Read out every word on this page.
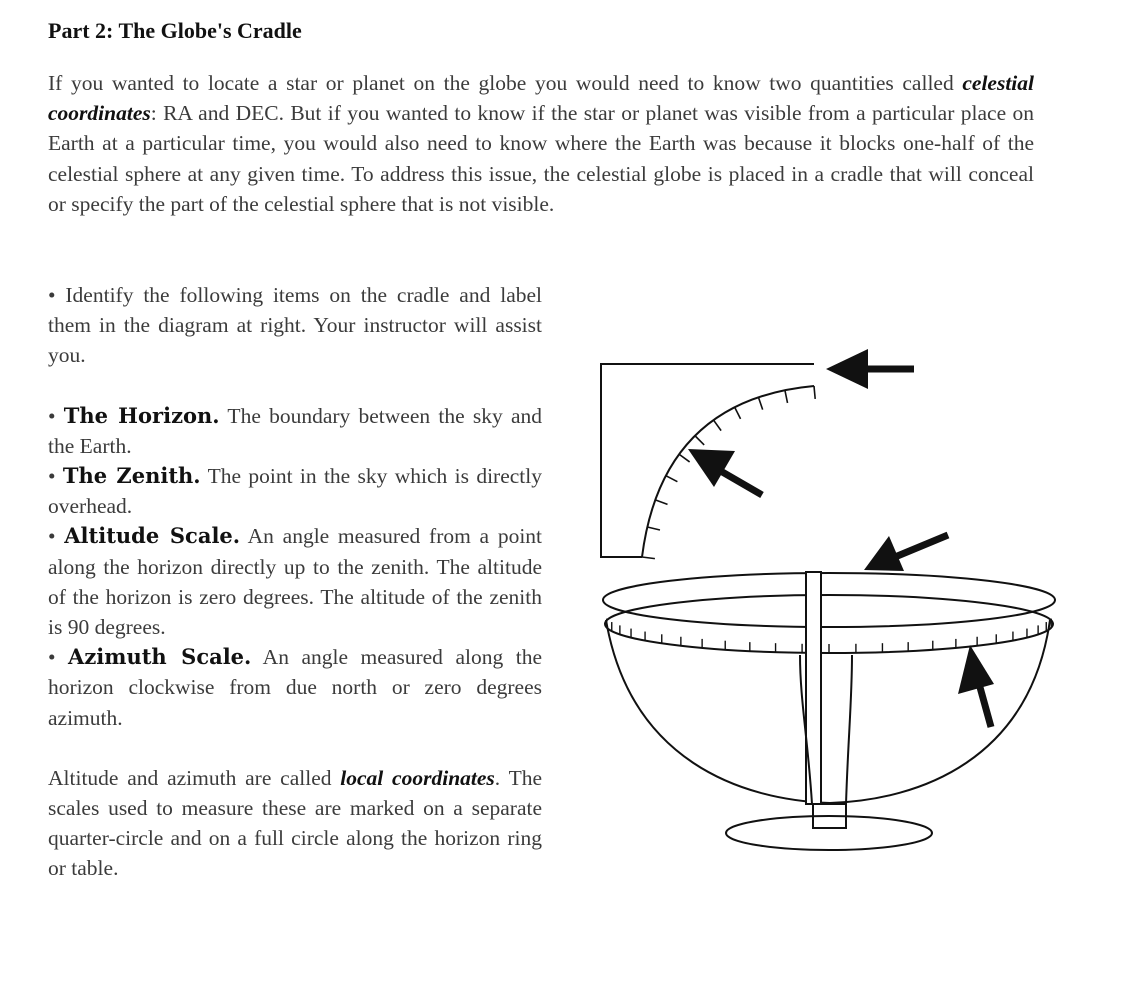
Part 2: The Globe's Cradle

If you wanted to locate a star or planet on the globe you would need to know two quantities called celestial coordinates: RA and DEC. But if you wanted to know if the star or planet was visible from a particular place on Earth at a particular time, you would also need to know where the Earth was because it blocks one-half of the celestial sphere at any given time. To address this issue, the celestial globe is placed in a cradle that will conceal or specify the part of the celestial sphere that is not visible.

• Identify the following items on the cradle and label them in the diagram at right. Your instructor will assist you.

• The Horizon. The boundary between the sky and the Earth.

• The Zenith. The point in the sky which is directly overhead.

• Altitude Scale. An angle measured from a point along the horizon directly up to the zenith. The altitude of the horizon is zero degrees. The altitude of the zenith is 90 degrees.

• Azimuth Scale. An angle measured along the horizon clockwise from due north or zero degrees azimuth.

Altitude and azimuth are called local coordinates. The scales used to measure these are marked on a separate quarter-circle and on a full circle along the horizon ring or table.
